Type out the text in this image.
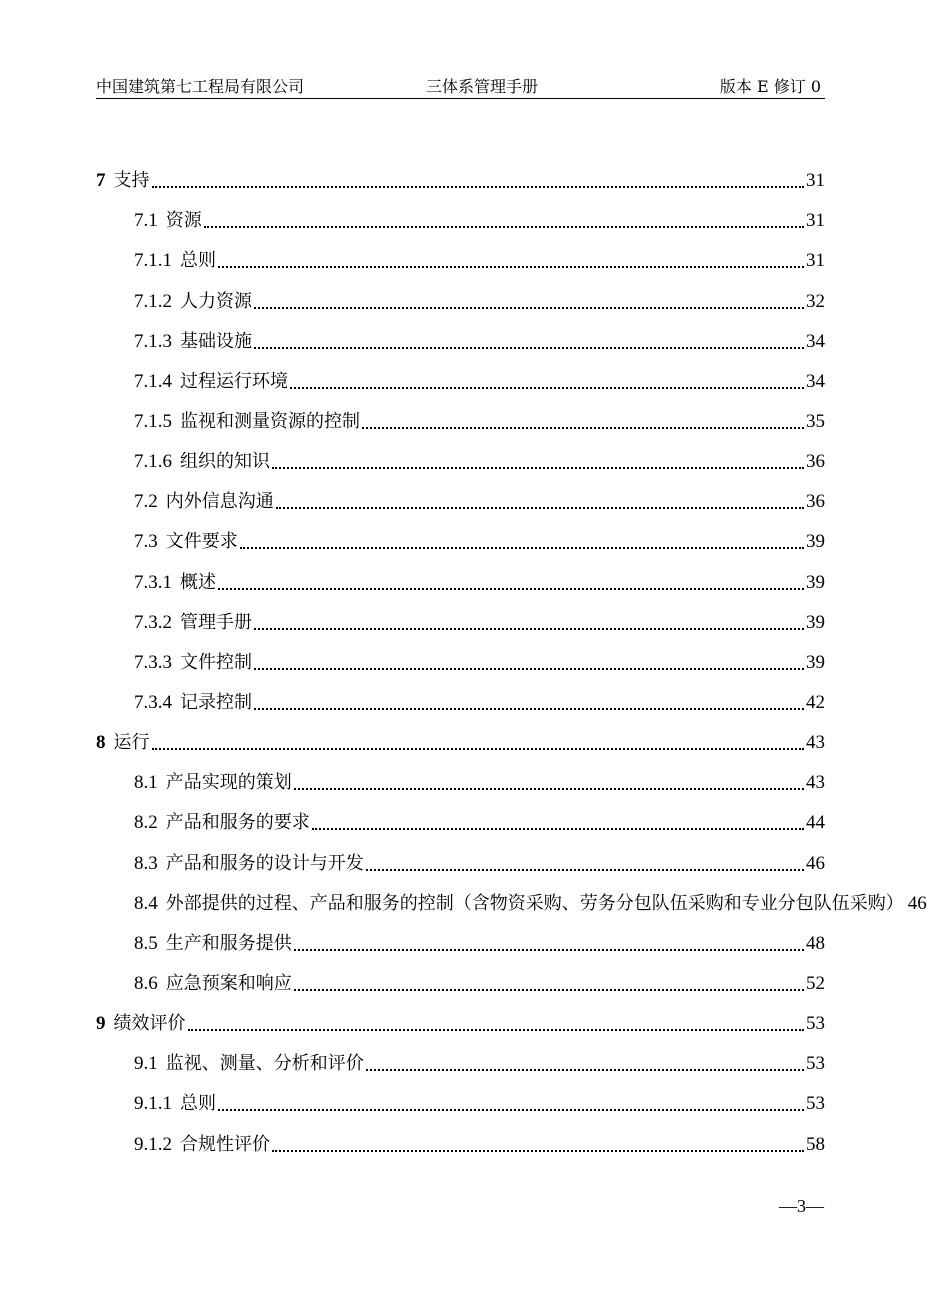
中国建筑第七工程局有限公司	三体系管理手册	版本 E 修订 0
7 支持	31
7.1 资源	31
7.1.1 总则	31
7.1.2 人力资源	32
7.1.3 基础设施	34
7.1.4 过程运行环境	34
7.1.5 监视和测量资源的控制	35
7.1.6 组织的知识	36
7.2 内外信息沟通	36
7.3 文件要求	39
7.3.1 概述	39
7.3.2 管理手册	39
7.3.3 文件控制	39
7.3.4 记录控制	42
8 运行	43
8.1 产品实现的策划	43
8.2 产品和服务的要求	44
8.3 产品和服务的设计与开发	46
8.4 外部提供的过程、产品和服务的控制（含物资采购、劳务分包队伍采购 和专业分包队伍采购） 46
8.5 生产和服务提供	48
8.6 应急预案和响应	52
9 绩效评价	53
9.1 监视、测量、分析和评价	53
9.1.1 总则	53
9.1.2 合规性评价	58
—3—
